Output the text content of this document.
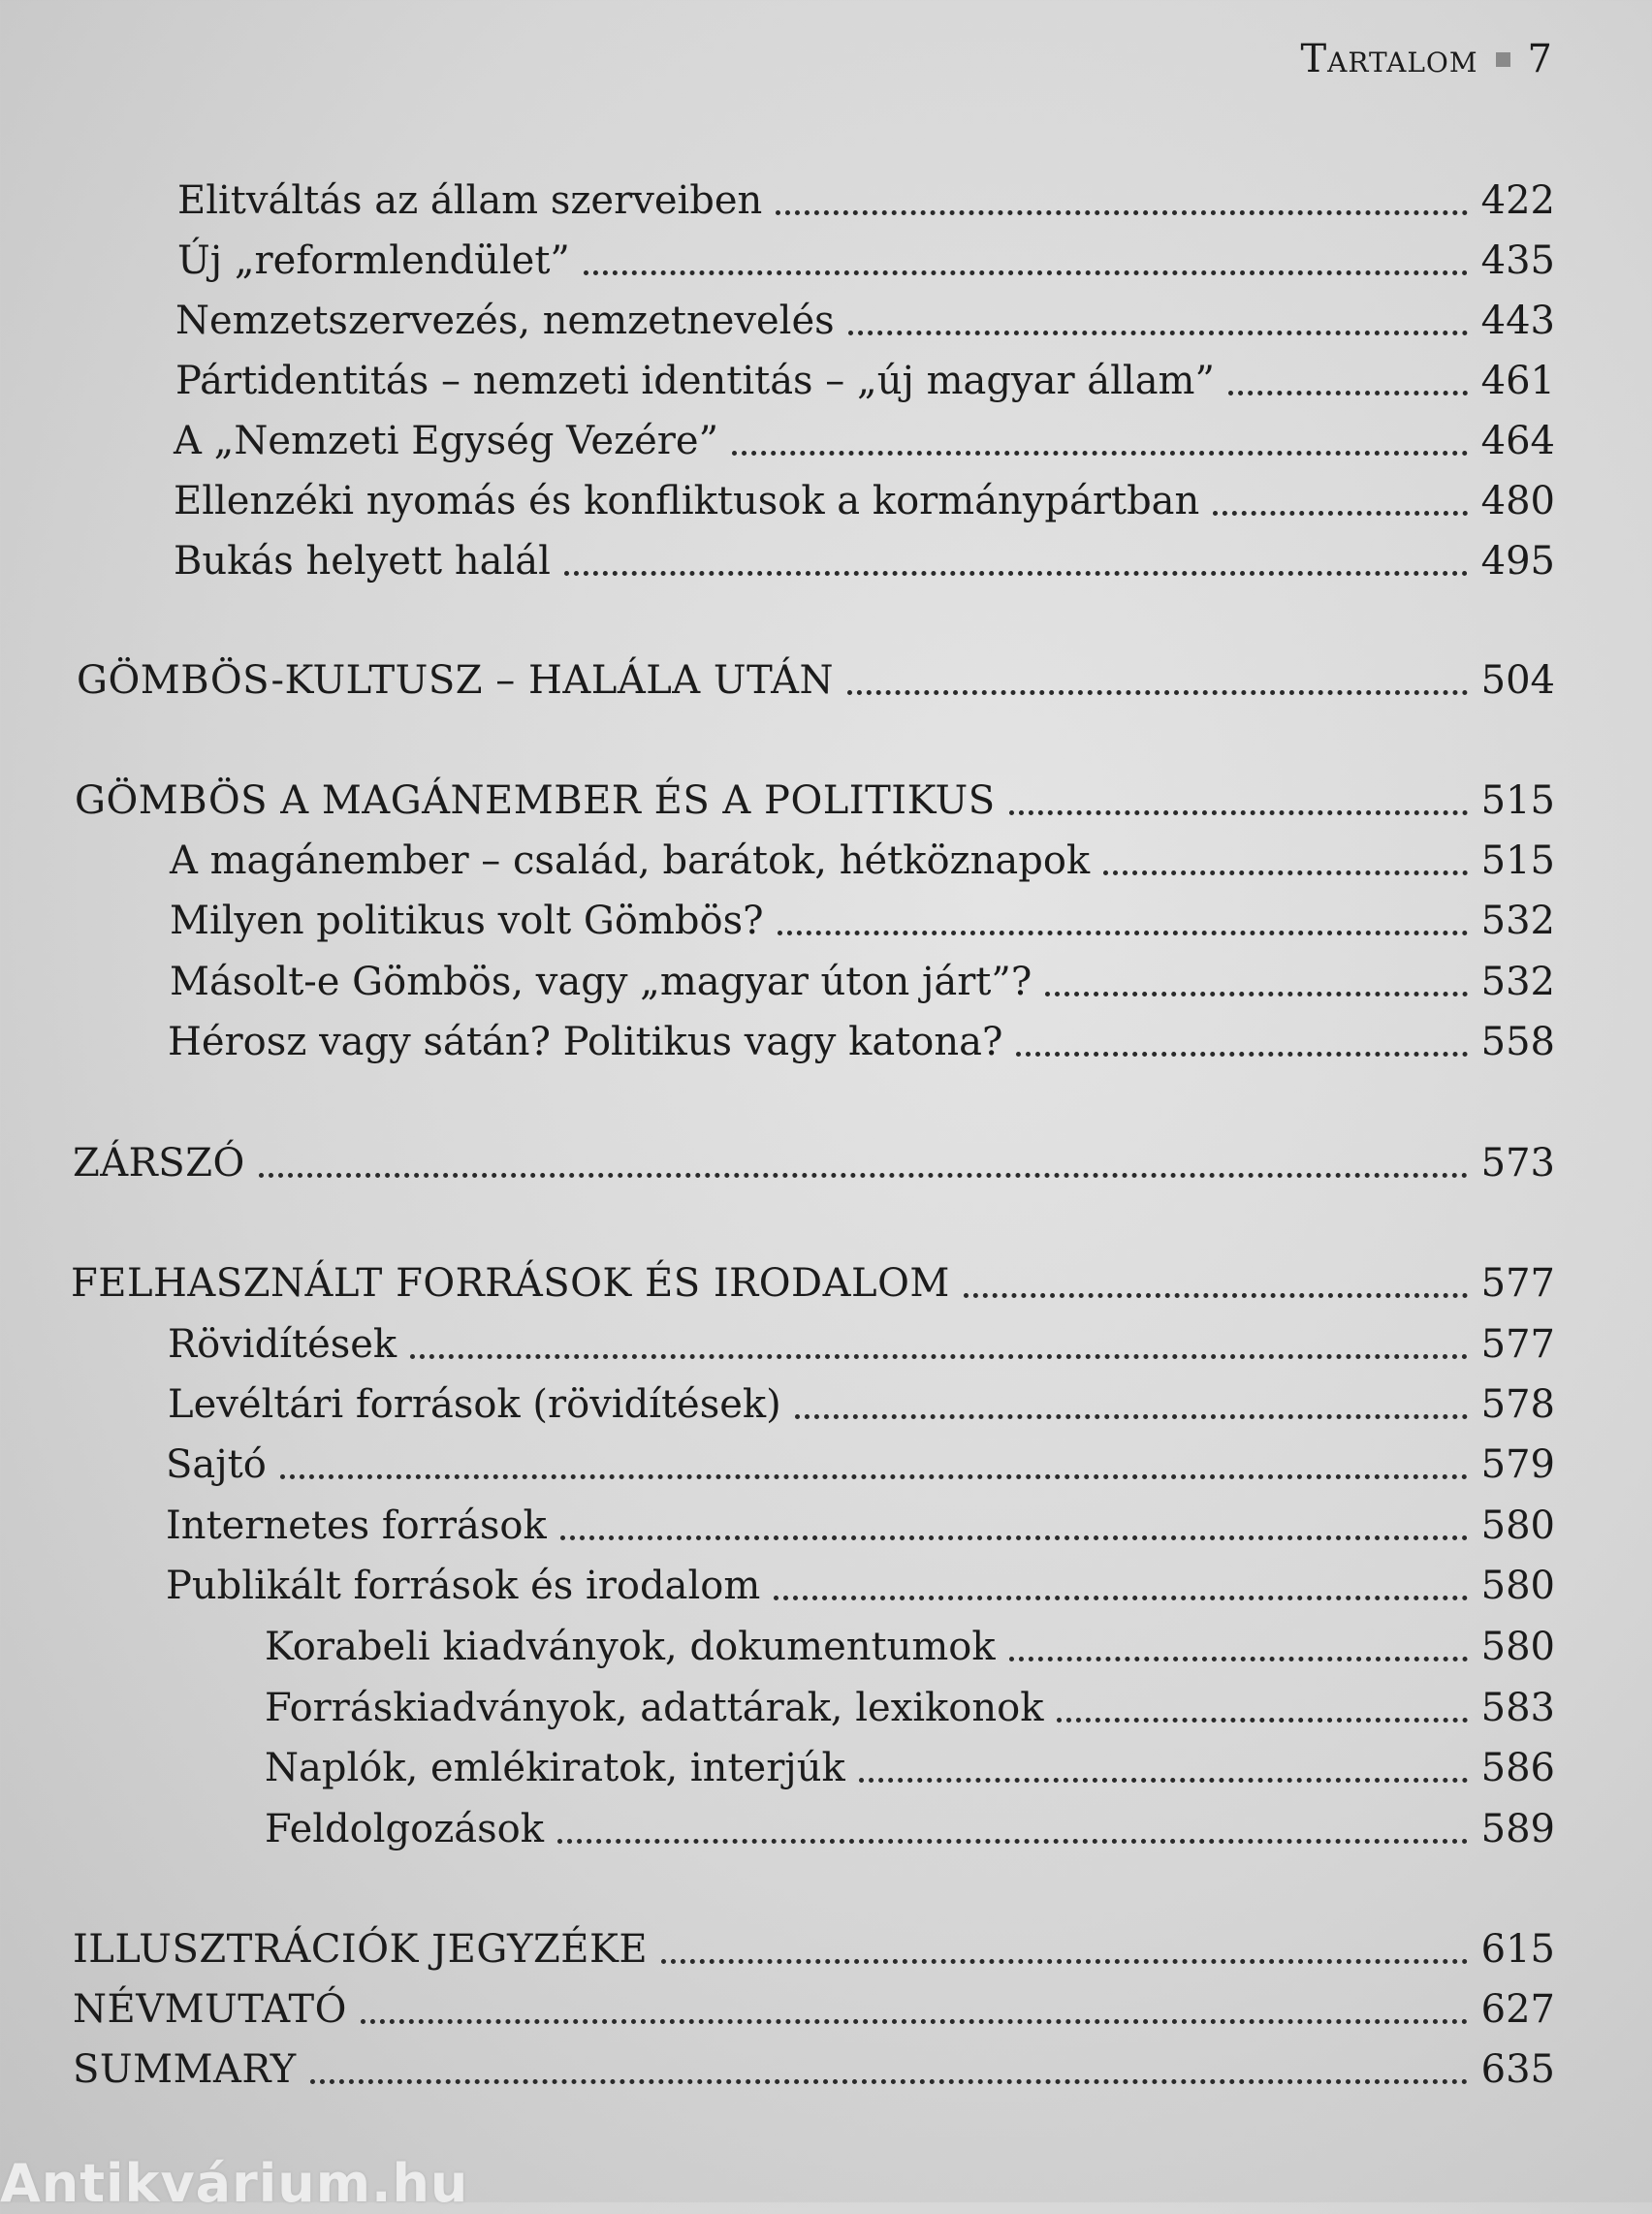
Tartalom 7
Elitváltás az állam szerveiben	422
Új „reformlendület”	435
Nemzetszervezés, nemzetnevelés	443
Pártidentitás – nemzeti identitás – „új magyar állam”	461
A „Nemzeti Egység Vezére”	464
Ellenzéki nyomás és konfliktusok a kormánypártban	480
Bukás helyett halál	495
GÖMBÖS-KULTUSZ – HALÁLA UTÁN	504
GÖMBÖS A MAGÁNEMBER ÉS A POLITIKUS	515
A magánember – család, barátok, hétköznapok	515
Milyen politikus volt Gömbös?	532
Másolt-e Gömbös, vagy „magyar úton járt”?	532
Hérosz vagy sátán? Politikus vagy katona?	558
ZÁRSZÓ	573
FELHASZNÁLT FORRÁSOK ÉS IRODALOM	577
Rövidítések	577
Levéltári források (rövidítések)	578
Sajtó	579
Internetes források	580
Publikált források és irodalom	580
Korabeli kiadványok, dokumentumok	580
Forráskiadványok, adattárak, lexikonok	583
Naplók, emlékiratok, interjúk	586
Feldolgozások	589
ILLUSZTRÁCIÓK JEGYZÉKE	615
NÉVMUTATÓ	627
SUMMARY	635
Antikvárium.hu
